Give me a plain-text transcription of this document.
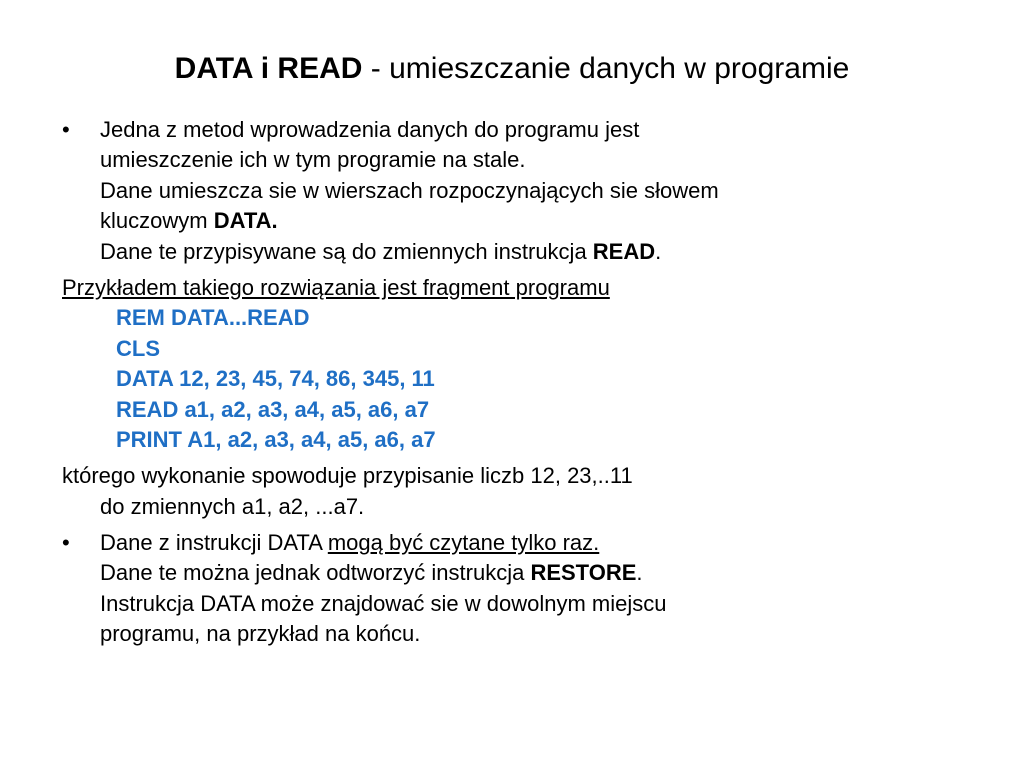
DATA i READ - umieszczanie danych w programie
• Jedna z metod wprowadzenia danych do programu jest
umieszczenie ich w tym programie na stale.
Dane umieszcza sie w wierszach rozpoczynających sie słowem
kluczowym DATA.
Dane te przypisywane są do zmiennych instrukcja READ.
Przykładem takiego rozwiązania jest fragment programu
REM DATA...READ
CLS
DATA 12, 23, 45, 74, 86, 345, 11
READ a1, a2, a3, a4, a5, a6, a7
PRINT A1, a2, a3, a4, a5, a6, a7
którego wykonanie spowoduje przypisanie liczb 12, 23,..11
do zmiennych a1, a2, ...a7.
• Dane z instrukcji DATA mogą być czytane tylko raz.
Dane te można jednak odtworzyć instrukcja RESTORE.
Instrukcja DATA może znajdować sie w dowolnym miejscu
programu, na przykład na końcu.
